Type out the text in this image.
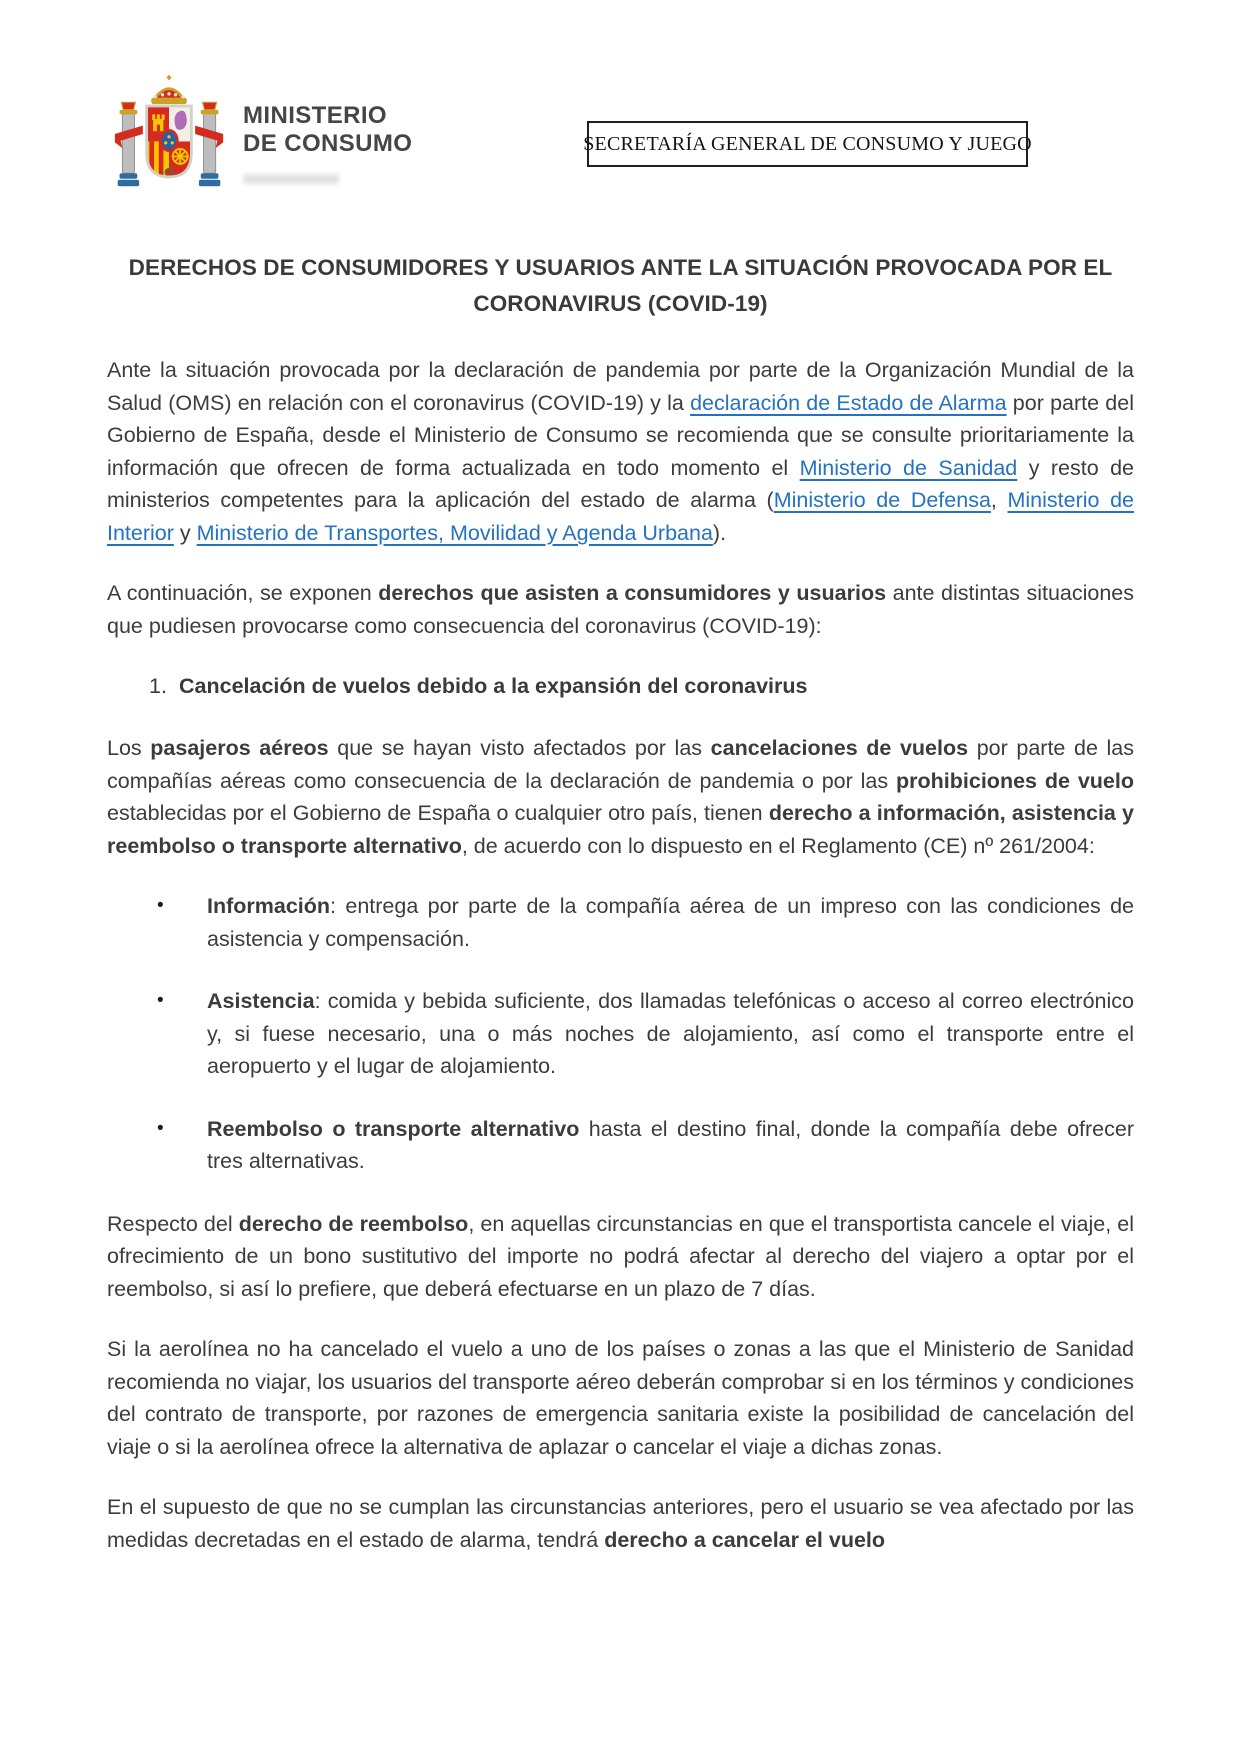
MINISTERIO
DE CONSUMO	SECRETARÍA GENERAL DE CONSUMO Y JUEGO
DERECHOS DE CONSUMIDORES Y USUARIOS ANTE LA SITUACIÓN PROVOCADA POR EL
CORONAVIRUS (COVID-19)

Ante la situación provocada por la declaración de pandemia por parte de la Organización Mundial de la Salud (OMS) en relación con el coronavirus (COVID-19) y la declaración de Estado de Alarma por parte del Gobierno de España, desde el Ministerio de Consumo se recomienda que se consulte prioritariamente la información que ofrecen de forma actualizada en todo momento el Ministerio de Sanidad y resto de ministerios competentes para la aplicación del estado de alarma (Ministerio de Defensa, Ministerio de Interior y Ministerio de Transportes, Movilidad y Agenda Urbana).

A continuación, se exponen derechos que asisten a consumidores y usuarios ante distintas situaciones que pudiesen provocarse como consecuencia del coronavirus (COVID-19):

1. Cancelación de vuelos debido a la expansión del coronavirus

Los pasajeros aéreos que se hayan visto afectados por las cancelaciones de vuelos por parte de las compañías aéreas como consecuencia de la declaración de pandemia o por las prohibiciones de vuelo establecidas por el Gobierno de España o cualquier otro país, tienen derecho a información, asistencia y reembolso o transporte alternativo, de acuerdo con lo dispuesto en el Reglamento (CE) nº 261/2004:

•	Información: entrega por parte de la compañía aérea de un impreso con las condiciones de asistencia y compensación.
•	Asistencia: comida y bebida suficiente, dos llamadas telefónicas o acceso al correo electrónico y, si fuese necesario, una o más noches de alojamiento, así como el transporte entre el aeropuerto y el lugar de alojamiento.
•	Reembolso o transporte alternativo hasta el destino final, donde la compañía debe ofrecer tres alternativas.

Respecto del derecho de reembolso, en aquellas circunstancias en que el transportista cancele el viaje, el ofrecimiento de un bono sustitutivo del importe no podrá afectar al derecho del viajero a optar por el reembolso, si así lo prefiere, que deberá efectuarse en un plazo de 7 días.

Si la aerolínea no ha cancelado el vuelo a uno de los países o zonas a las que el Ministerio de Sanidad recomienda no viajar, los usuarios del transporte aéreo deberán comprobar si en los términos y condiciones del contrato de transporte, por razones de emergencia sanitaria existe la posibilidad de cancelación del viaje o si la aerolínea ofrece la alternativa de aplazar o cancelar el viaje a dichas zonas.

En el supuesto de que no se cumplan las circunstancias anteriores, pero el usuario se vea afectado por las medidas decretadas en el estado de alarma, tendrá derecho a cancelar el vuelo
